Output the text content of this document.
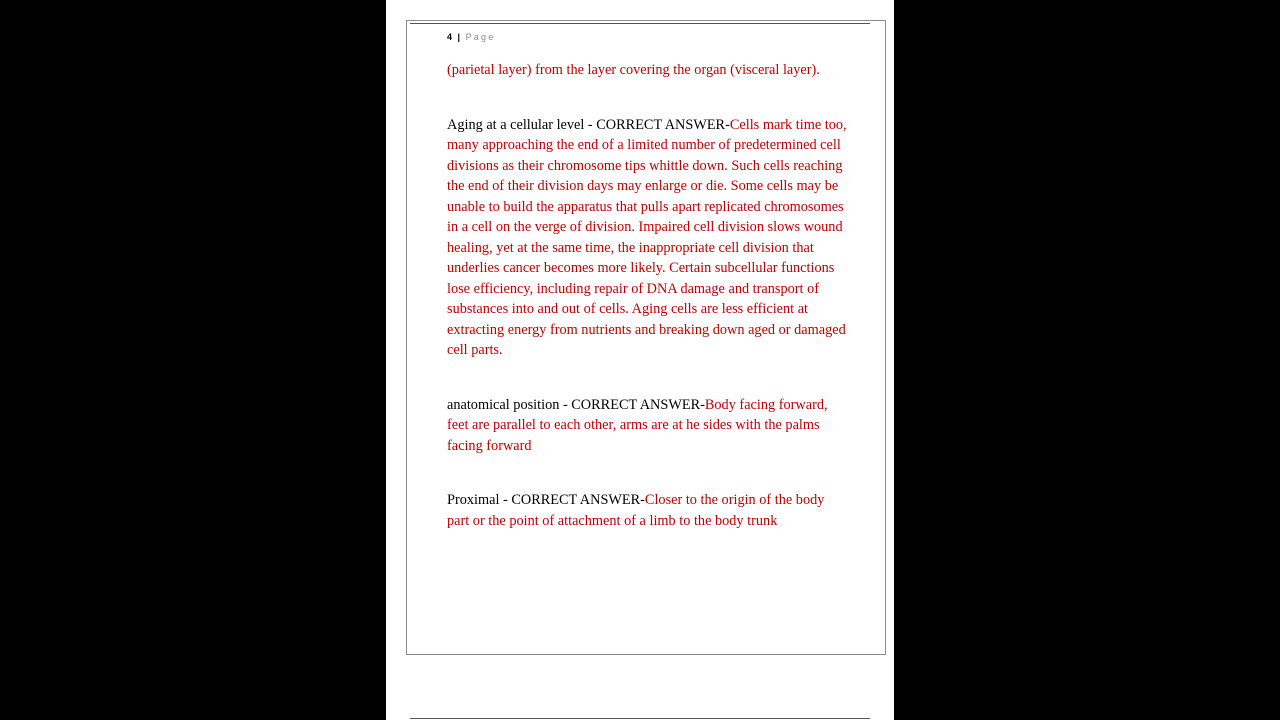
4 | Page

(parietal layer) from the layer covering the organ (visceral layer).

Aging at a cellular level - CORRECT ANSWER-Cells mark time too, many approaching the end of a limited number of predetermined cell divisions as their chromosome tips whittle down. Such cells reaching the end of their division days may enlarge or die. Some cells may be unable to build the apparatus that pulls apart replicated chromosomes in a cell on the verge of division. Impaired cell division slows wound healing, yet at the same time, the inappropriate cell division that underlies cancer becomes more likely. Certain subcellular functions lose efficiency, including repair of DNA damage and transport of substances into and out of cells. Aging cells are less efficient at extracting energy from nutrients and breaking down aged or damaged cell parts.

anatomical position - CORRECT ANSWER-Body facing forward, feet are parallel to each other, arms are at he sides with the palms facing forward

Proximal - CORRECT ANSWER-Closer to the origin of the body part or the point of attachment of a limb to the body trunk
